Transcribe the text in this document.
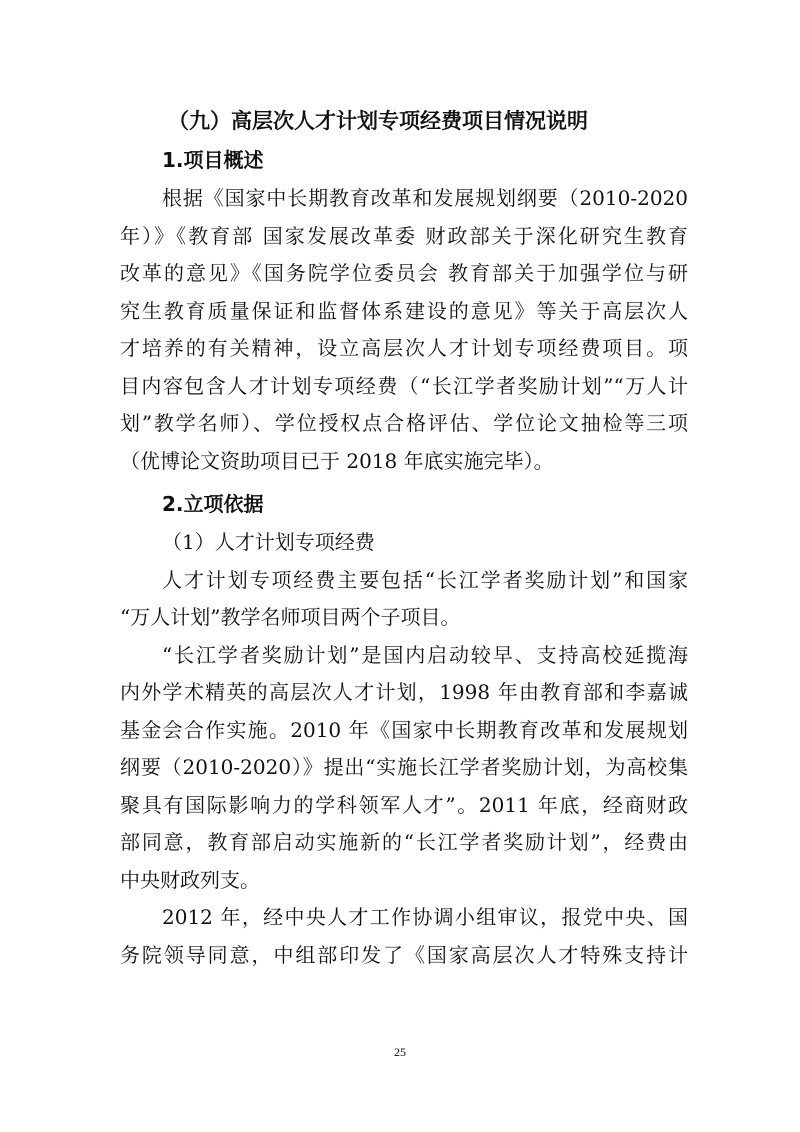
（九）高层次人才计划专项经费项目情况说明
1.项目概述
根据《国家中长期教育改革和发展规划纲要（2010-2020
年）》《教育部 国家发展改革委 财政部关于深化研究生教育
改革的意见》《国务院学位委员会 教育部关于加强学位与研
究生教育质量保证和监督体系建设的意见》等关于高层次人
才培养的有关精神，设立高层次人才计划专项经费项目。项
目内容包含人才计划专项经费（“长江学者奖励计划”“万人计
划”教学名师）、学位授权点合格评估、学位论文抽检等三项
（优博论文资助项目已于 2018 年底实施完毕）。
2.立项依据
（1）人才计划专项经费
人才计划专项经费主要包括“长江学者奖励计划”和国家
“万人计划”教学名师项目两个子项目。
“长江学者奖励计划”是国内启动较早、支持高校延揽海
内外学术精英的高层次人才计划，1998 年由教育部和李嘉诚
基金会合作实施。2010 年《国家中长期教育改革和发展规划
纲要（2010-2020）》提出“实施长江学者奖励计划，为高校集
聚具有国际影响力的学科领军人才”。2011 年底，经商财政
部同意，教育部启动实施新的“长江学者奖励计划”，经费由
中央财政列支。
2012 年，经中央人才工作协调小组审议，报党中央、国
务院领导同意，中组部印发了《国家高层次人才特殊支持计
25
